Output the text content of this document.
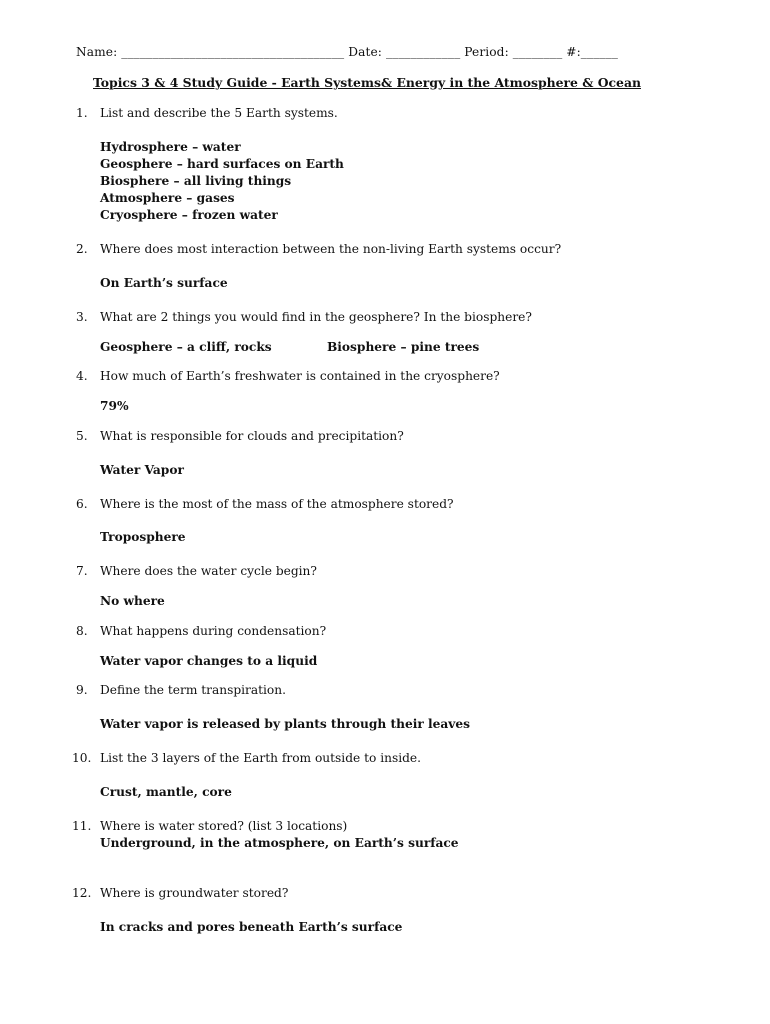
Name: ____________________________________ Date: ____________ Period: ________ #:______
Topics 3 & 4 Study Guide - Earth Systems& Energy in the Atmosphere & Ocean
1.	List and describe the 5 Earth systems.
Hydrosphere – water
Geosphere – hard surfaces on Earth
Biosphere – all living things
Atmosphere – gases
Cryosphere – frozen water
2.	Where does most interaction between the non-living Earth systems occur?
On Earth’s surface
3.	What are 2 things you would find in the geosphere? In the biosphere?
Geosphere – a cliff, rocks	Biosphere – pine trees
4.	How much of Earth’s freshwater is contained in the cryosphere?
79%
5.	What is responsible for clouds and precipitation?
Water Vapor
6.	Where is the most of the mass of the atmosphere stored?
Troposphere
7.	Where does the water cycle begin?
No where
8.	What happens during condensation?
Water vapor changes to a liquid
9.	Define the term transpiration.
Water vapor is released by plants through their leaves
10. List the 3 layers of the Earth from outside to inside.
Crust, mantle, core
11. Where is water stored? (list 3 locations)
Underground, in the atmosphere, on Earth’s surface
12. Where is groundwater stored?
In cracks and pores beneath Earth’s surface
